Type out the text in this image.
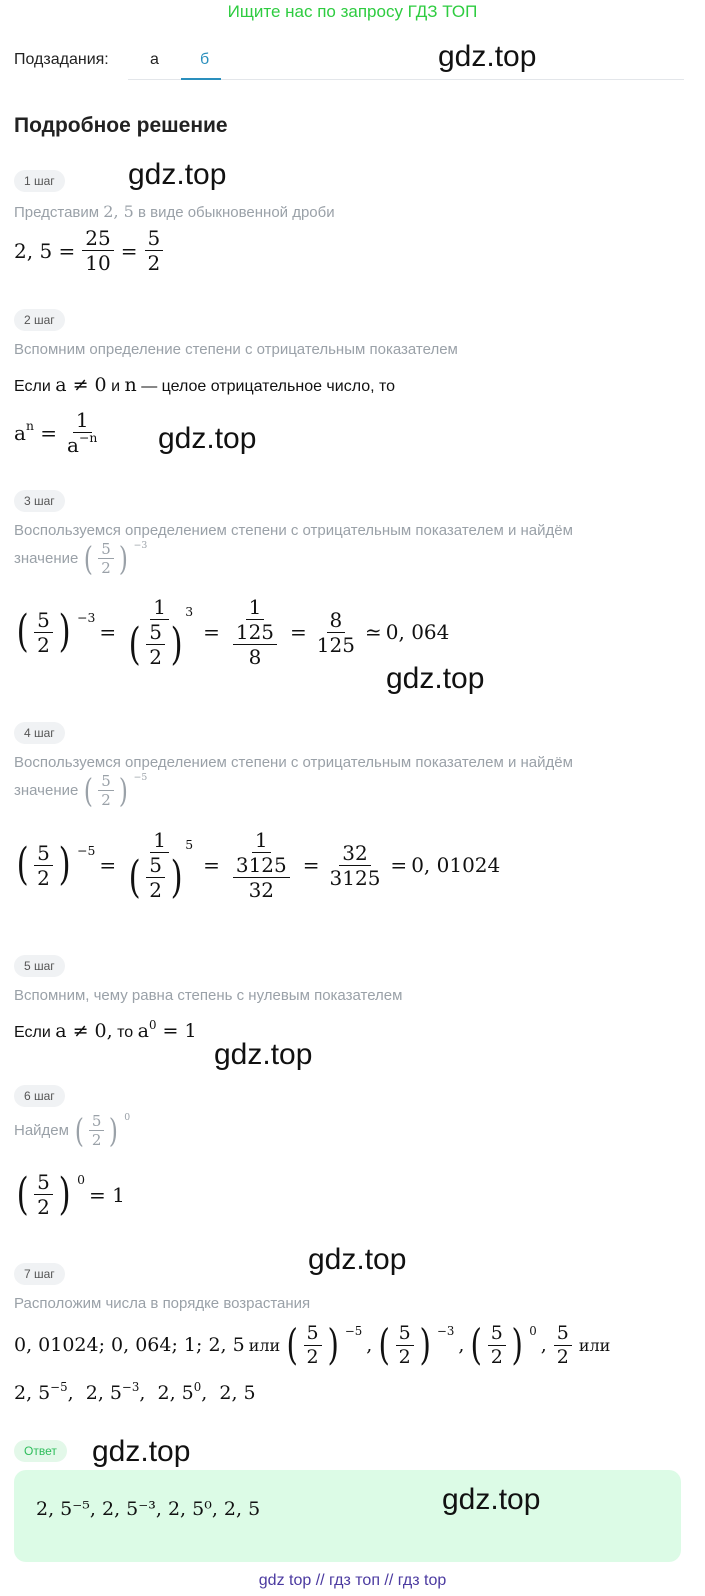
Ищите нас по запросу ГДЗ ТОП
Подзадания:	а	б	gdz.top
Подробное решение
1 шаг	gdz.top
Представим 2, 5 в виде обыкновенной дроби
2, $5 = \frac{25}{10} = \frac{5}{2}$
2 шаг
Вспомним определение степени с отрицательным показателем
Если a ≠ 0 и n — целое отрицательное число, то
$a^n = \frac{1}{a^{-n}} gdz.top$
3 шаг
Воспользуемся определением степени с отрицательным показателем и найдём
значение ( $\frac{5}{2}$ ) −3
( $\frac{5}{2}$ ) −3
= 1
( $\frac{5}{2}$ )
$^3 = \frac{1}{\frac{125}{8}} = \frac{8}{125}$ ≃ 0, 064
gdz.top
4 шаг
Воспользуемся определением степени с отрицательным показателем и найдём
значение ( $\frac{5}{2}$ ) −5
( $\frac{5}{2}$ ) −5
= 1
( $\frac{5}{2}$ )
$^5 = \frac{1}{\frac{3125}{32}} = \frac{32}{3125} = 0$, 01024
5 шаг
Вспомним, чему равна степень с нулевым показателем
Если a ≠ 0, то $a^0 = 1$
gdz.top
6 шаг
Найдем ( $\frac{5}{2}$ ) 0
( $\frac{5}{2}$ ) 0
= 1
gdz.top
7 шаг
Расположим числа в порядке возрастания
0, 01024; 0, 064; 1; 2, 5 или ( $\frac{5}{2}$ ) −5
, ( $\frac{5}{2}$ ) −3
, ( $\frac{5}{2}$ ) 0
, $\frac{5}{2}$ или
2, $5^{-5}$,  2, $5^{-3}$,  2, $5^0$,  2, 5
Ответ	gdz.top
2, 5⁻⁵, 2, 5⁻³, 2, 5⁰, 2, 5	gdz.top
gdz top // гдз топ // гдз top
